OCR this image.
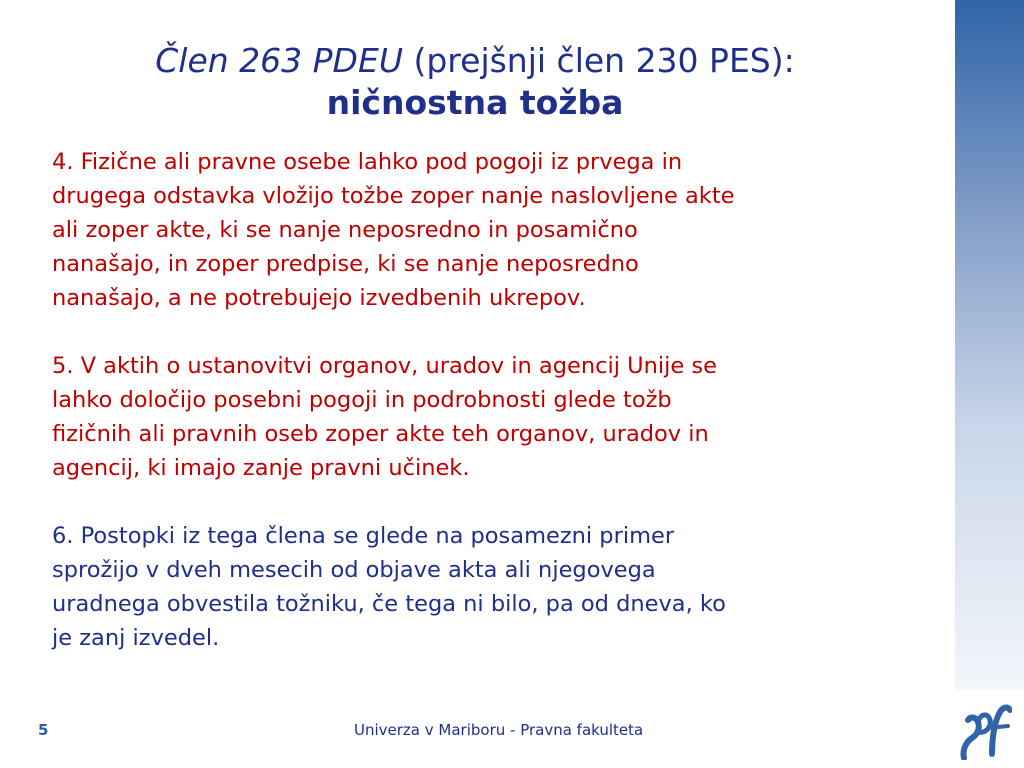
Člen 263 PDEU (prejšnji člen 230 PES):
ničnostna tožba
4. Fizične ali pravne osebe lahko pod pogoji iz prvega in
drugega odstavka vložijo tožbe zoper nanje naslovljene akte
ali zoper akte, ki se nanje neposredno in posamično
nanašajo, in zoper predpise, ki se nanje neposredno
nanašajo, a ne potrebujejo izvedbenih ukrepov.
5. V aktih o ustanovitvi organov, uradov in agencij Unije se
lahko določijo posebni pogoji in podrobnosti glede tožb
fizičnih ali pravnih oseb zoper akte teh organov, uradov in
agencij, ki imajo zanje pravni učinek.
6. Postopki iz tega člena se glede na posamezni primer
sprožijo v dveh mesecih od objave akta ali njegovega
uradnega obvestila tožniku, če tega ni bilo, pa od dneva, ko
je zanj izvedel.
5	Univerza v Mariboru - Pravna fakulteta
